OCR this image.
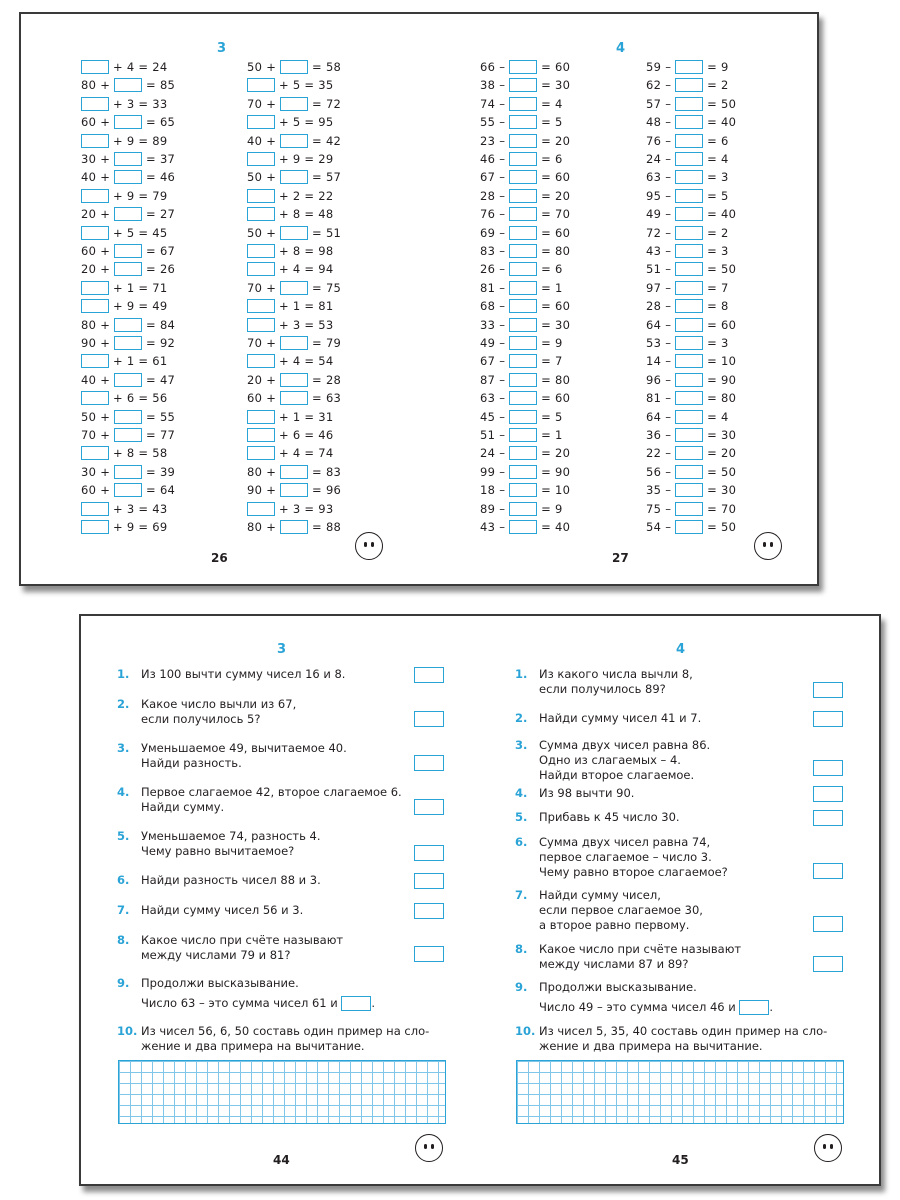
3
+ 4 = 24
80 +  = 85
+ 3 = 33
60 +  = 65
+ 9 = 89
30 +  = 37
40 +  = 46
+ 9 = 79
20 +  = 27
+ 5 = 45
60 +  = 67
20 +  = 26
+ 1 = 71
+ 9 = 49
80 +  = 84
90 +  = 92
+ 1 = 61
40 +  = 47
+ 6 = 56
50 +  = 55
70 +  = 77
+ 8 = 58
30 +  = 39
60 +  = 64
+ 3 = 43
+ 9 = 69
50 +  = 58
+ 5 = 35
70 +  = 72
+ 5 = 95
40 +  = 42
+ 9 = 29
50 +  = 57
+ 2 = 22
+ 8 = 48
50 +  = 51
+ 8 = 98
+ 4 = 94
70 +  = 75
+ 1 = 81
+ 3 = 53
70 +  = 79
+ 4 = 54
20 +  = 28
60 +  = 63
+ 1 = 31
+ 6 = 46
+ 4 = 74
80 +  = 83
90 +  = 96
+ 3 = 93
80 +  = 88
26
4
66 –  = 60
38 –  = 30
74 –  = 4
55 –  = 5
23 –  = 20
46 –  = 6
67 –  = 60
28 –  = 20
76 –  = 70
69 –  = 60
83 –  = 80
26 –  = 6
81 –  = 1
68 –  = 60
33 –  = 30
49 –  = 9
67 –  = 7
87 –  = 80
63 –  = 60
45 –  = 5
51 –  = 1
24 –  = 20
99 –  = 90
18 –  = 10
89 –  = 9
43 –  = 40
59 –  = 9
62 –  = 2
57 –  = 50
48 –  = 40
76 –  = 6
24 –  = 4
63 –  = 3
95 –  = 5
49 –  = 40
72 –  = 2
43 –  = 3
51 –  = 50
97 –  = 7
28 –  = 8
64 –  = 60
53 –  = 3
14 –  = 10
96 –  = 90
81 –  = 80
64 –  = 4
36 –  = 30
22 –  = 20
56 –  = 50
35 –  = 30
75 –  = 70
54 –  = 50
27
3
1. Из 100 вычти сумму чисел 16 и 8.
2. Какое число вычли из 67,
если получилось 5?
3. Уменьшаемое 49, вычитаемое 40.
Найди разность.
4. Первое слагаемое 42, второе слагаемое 6.
Найди сумму.
5. Уменьшаемое 74, разность 4.
Чему равно вычитаемое?
6. Найди разность чисел 88 и 3.
7. Найди сумму чисел 56 и 3.
8. Какое число при счёте называют
между числами 79 и 81?
9. Продолжи высказывание.
Число 63 – это сумма чисел 61 и	.
10. Из чисел 56, 6, 50 составь один пример на сло-
жение и два примера на вычитание.
44
4
1. Из какого числа вычли 8,
если получилось 89?
2. Найди сумму чисел 41 и 7.
3. Сумма двух чисел равна 86.
Одно из слагаемых – 4.
Найди второе слагаемое.
4. Из 98 вычти 90.
5. Прибавь к 45 число 30.
6. Сумма двух чисел равна 74,
первое слагаемое – число 3.
Чему равно второе слагаемое?
7. Найди сумму чисел,
если первое слагаемое 30,
а второе равно первому.
8. Какое число при счёте называют
между числами 87 и 89?
9. Продолжи высказывание.
Число 49 – это сумма чисел 46 и	.
10. Из чисел 5, 35, 40 составь один пример на сло-
жение и два примера на вычитание.
45
